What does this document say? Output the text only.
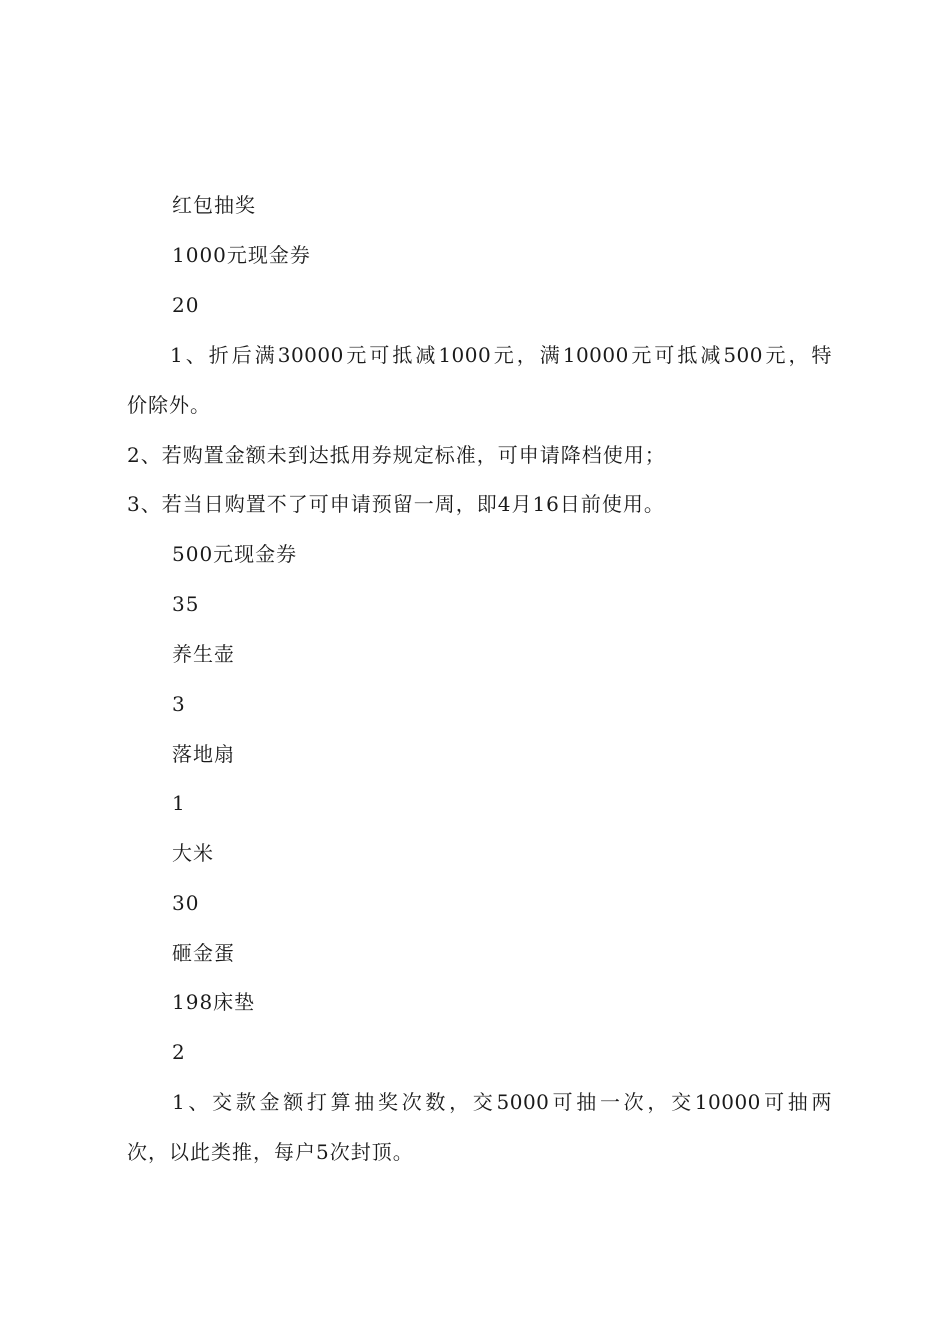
红包抽奖
1000元现金券
20
1、折后满30000元可抵减1000元，满10000元可抵减500元，特
价除外。
2、若购置金额未到达抵用券规定标准，可申请降档使用；
3、若当日购置不了可申请预留一周，即4月16日前使用。
500元现金券
35
养生壶
3
落地扇
1
大米
30
砸金蛋
198床垫
2
1、交款金额打算抽奖次数，交5000可抽一次，交10000可抽两
次，以此类推，每户5次封顶。
